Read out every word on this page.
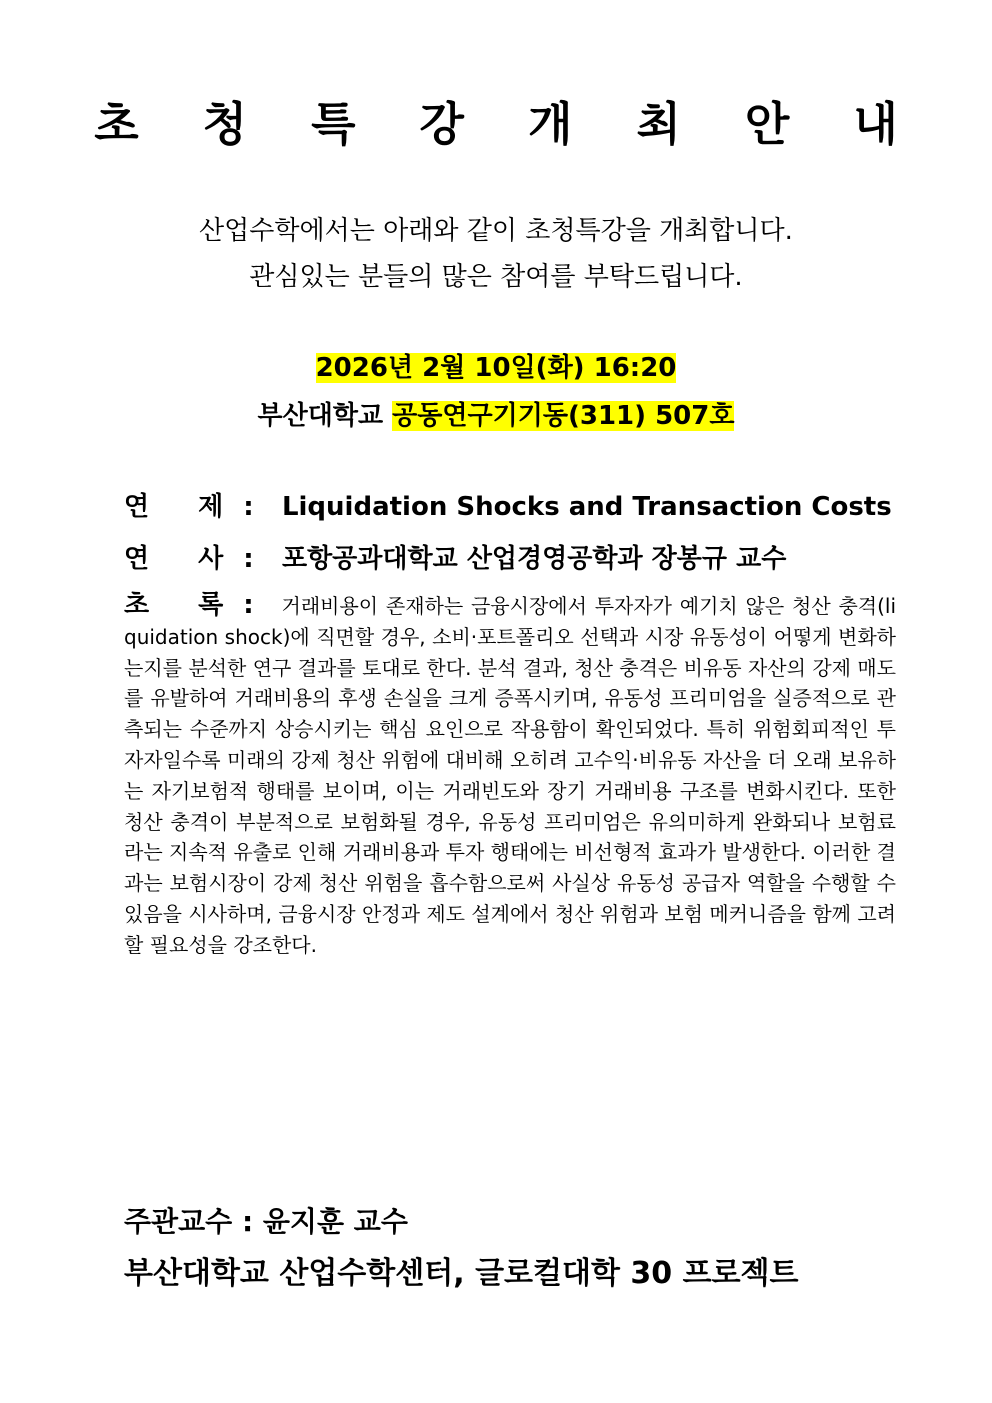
초 청 특 강 개 최 안 내
산업수학에서는 아래와 같이 초청특강을 개최합니다.
관심있는 분들의 많은 참여를 부탁드립니다.
2026년 2월 10일(화) 16:20
부산대학교 공동연구기기동(311) 507호
연 제: Liquidation Shocks and Transaction Costs
연 사: 포항공과대학교 산업경영공학과 장봉규 교수
초 록: 거래비용이 존재하는 금융시장에서 투자자가 예기치 않은 청산 충격(liquidation shock)에 직면할 경우, 소비·포트폴리오 선택과 시장 유동성이 어떻게 변화하는지를 분석한 연구 결과를 토대로 한다. 분석 결과, 청산 충격은 비유동 자산의 강제 매도를 유발하여 거래비용의 후생 손실을 크게 증폭시키며, 유동성 프리미엄을 실증적으로 관측되는 수준까지 상승시키는 핵심 요인으로 작용함이 확인되었다. 특히 위험회피적인 투자자일수록 미래의 강제 청산 위험에 대비해 오히려 고수익·비유동 자산을 더 오래 보유하는 자기보험적 행태를 보이며, 이는 거래빈도와 장기 거래비용 구조를 변화시킨다. 또한 청산 충격이 부분적으로 보험화될 경우, 유동성 프리미엄은 유의미하게 완화되나 보험료라는 지속적 유출로 인해 거래비용과 투자 행태에는 비선형적 효과가 발생한다. 이러한 결과는 보험시장이 강제 청산 위험을 흡수함으로써 사실상 유동성 공급자 역할을 수행할 수 있음을 시사하며, 금융시장 안정과 제도 설계에서 청산 위험과 보험 메커니즘을 함께 고려할 필요성을 강조한다.
주관교수 : 윤지훈 교수
부산대학교 산업수학센터, 글로컬대학 30 프로젝트
